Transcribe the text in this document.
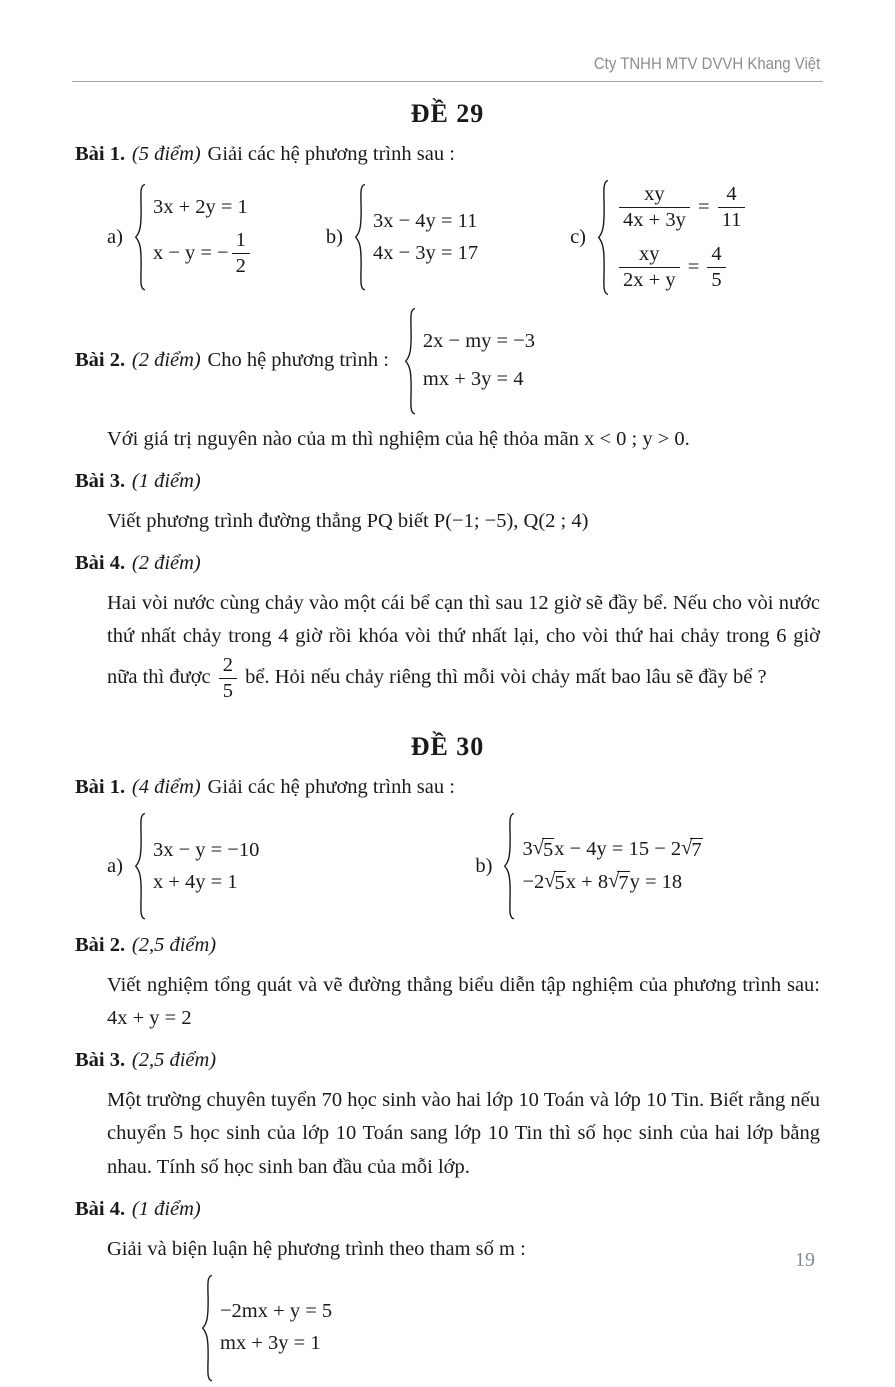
Cty TNHH MTV DVVH Khang Việt
ĐỀ 29
Bài 1. (5 điểm) Giải các hệ phương trình sau :
a)
3x + 2y = 1
x − y = − $\frac{1}{2}$	b)
3x − 4y = 11
4x − 3y = 17
c)
$\frac{xy}{4x + 3y} = \frac{4}{11}$
$\frac{xy}{2x + y} = \frac{4}{5}$
Bài 2. (2 điểm) Cho hệ phương trình :
2x − my = −3
mx + 3y = 4

Với giá trị nguyên nào của m thì nghiệm của hệ thỏa mãn x < 0 ; y > 0.

Bài 3. (1 điểm)

Viết phương trình đường thẳng PQ biết P(−1; −5), Q(2 ; 4)

Bài 4. (2 điểm)

Hai vòi nước cùng chảy vào một cái bể cạn thì sau 12 giờ sẽ đầy bể. Nếu cho vòi nước thứ nhất chảy trong 4 giờ rồi khóa vòi thứ nhất lại, cho vòi thứ hai chảy trong 6 giờ nữa thì được $\frac{2}{5}$ bể. Hỏi nếu chảy riêng thì mỗi vòi chảy mất bao lâu sẽ đầy bể ?

ĐỀ 30
Bài 1. (4 điểm) Giải các hệ phương trình sau :
a)
3x − y = −10
x + 4y = 1
b)
3 √ 5 x − 4y = 15 − 2 √ 7
−2 √ 5 x + 8 √ 7 y = 18
Bài 2. (2,5 điểm)

Viết nghiệm tổng quát và vẽ đường thẳng biểu diễn tập nghiệm của phương trình sau: 4x + y = 2

Bài 3. (2,5 điểm)

Một trường chuyên tuyển 70 học sinh vào hai lớp 10 Toán và lớp 10 Tin. Biết rằng nếu chuyển 5 học sinh của lớp 10 Toán sang lớp 10 Tin thì số học sinh của hai lớp bằng nhau. Tính số học sinh ban đầu của mỗi lớp.

Bài 4. (1 điểm)

Giải và biện luận hệ phương trình theo tham số m :

−2mx + y = 5
mx + 3y = 1
19
